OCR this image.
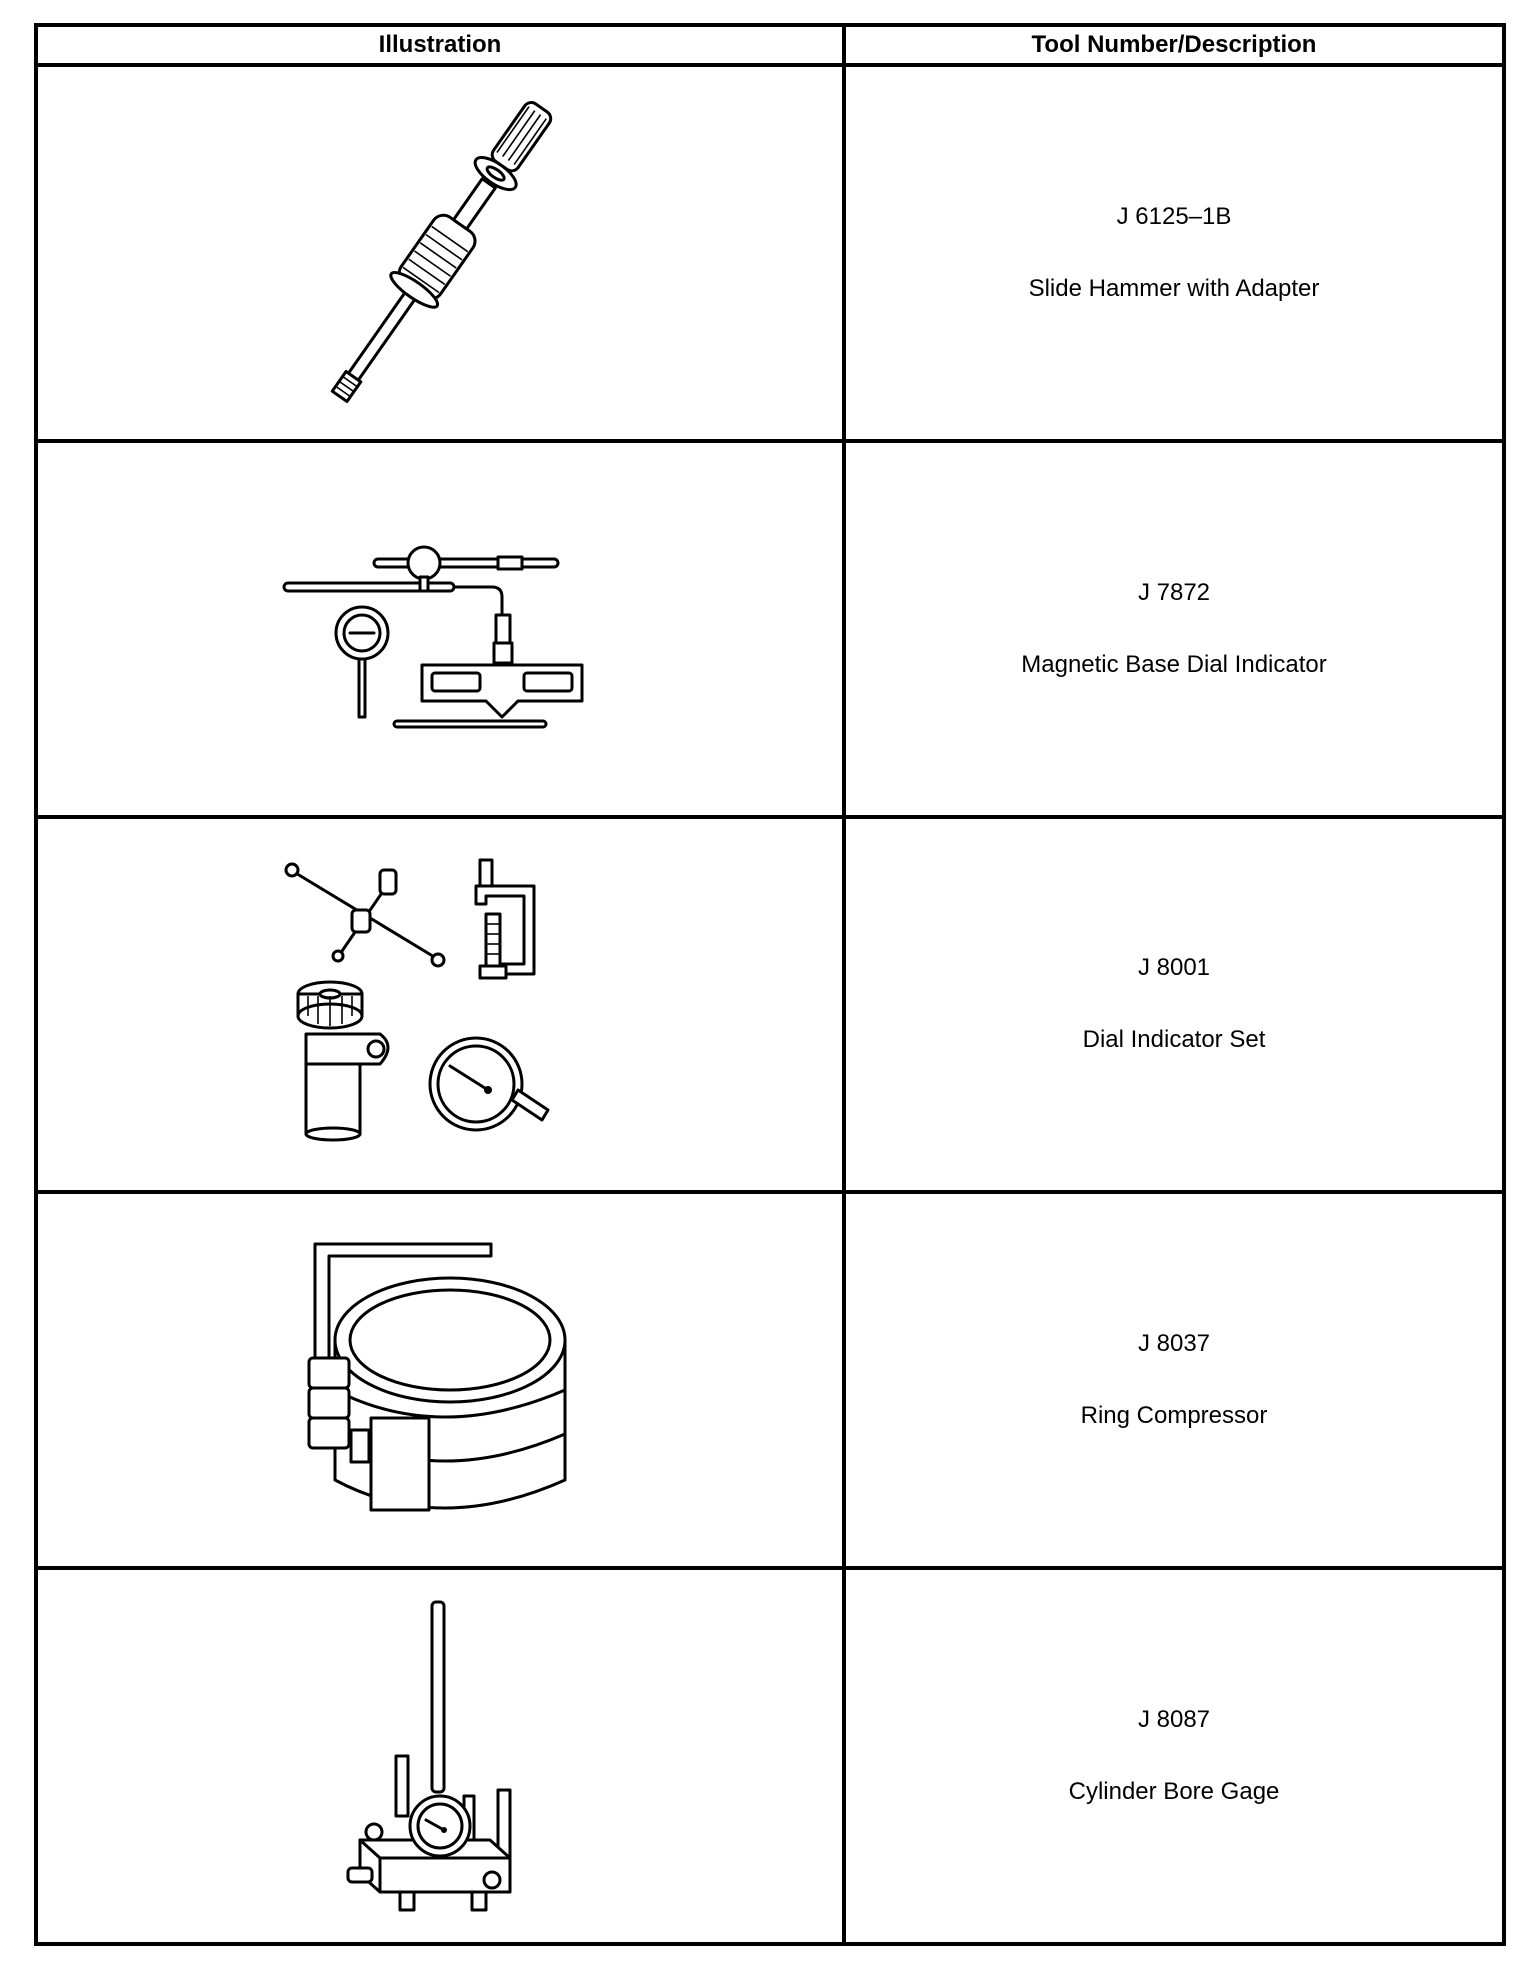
Illustration	Tool Number/Description

J 6125–1B
Slide Hammer with Adapter

J 7872
Magnetic Base Dial Indicator

J 8001
Dial Indicator Set

J 8037
Ring Compressor

J 8087
Cylinder Bore Gage
